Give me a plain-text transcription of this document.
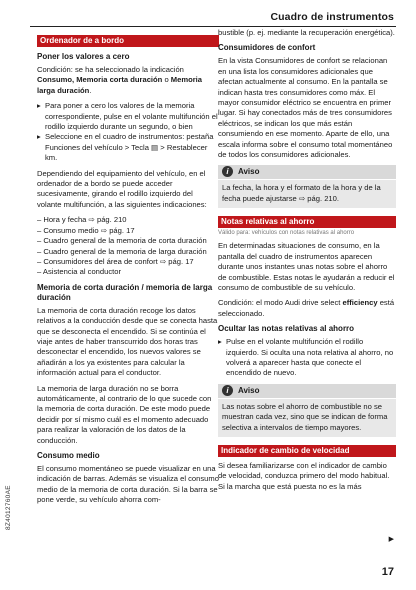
Cuadro de instrumentos
Ordenador de a bordo
Poner los valores a cero

Condición: se ha seleccionado la indicación Consumo, Memoria corta duración o Memoria larga duración.

▸ Para poner a cero los valores de la memoria correspondiente, pulse en el volante multifunción el rodillo izquierdo durante un segundo, o bien
▸ Seleccione en el cuadro de instrumentos: pestaña Funciones del vehículo > Tecla ▤ > Restablecer km.

Dependiendo del equipamiento del vehículo, en el ordenador de a bordo se puede acceder sucesivamente, girando el rodillo izquierdo del volante multifunción, a las siguientes indicaciones:

– Hora y fecha ⇨ pág. 210
– Consumo medio ⇨ pág. 17
– Cuadro general de la memoria de corta duración
– Cuadro general de la memoria de larga duración
– Consumidores del área de confort ⇨ pág. 17
– Asistencia al conductor
Memoria de corta duración / memoria de larga duración

La memoria de corta duración recoge los datos relativos a la conducción desde que se conecta hasta que se desconecta el encendido. Si se continúa el viaje antes de haber transcurrido dos horas tras desconectar el encendido, los nuevos valores se añadirán a los ya existentes para calcular la información actual para el conductor.

La memoria de larga duración no se borra automáticamente, al contrario de lo que sucede con la memoria de corta duración. De este modo puede decidir por sí mismo cuál es el momento adecuado para realizar la valoración de los datos de la conducción.

Consumo medio

El consumo momentáneo se puede visualizar en una indicación de barras. Además se visualiza el consumo medio de la memoria de corta duración. Si la barra se pone verde, su vehículo ahorra com-

bustible (p. ej. mediante la recuperación energética).

Consumidores de confort

En la vista Consumidores de confort se relacionan en una lista los consumidores adicionales que afectan actualmente al consumo. En la pantalla se indican hasta tres consumidores como máx. El mayor consumidor eléctrico se encuentra en primer lugar. Si hay conectados más de tres consumidores eléctricos, se indican los que más están consumiendo en ese momento. Aparte de ello, una escala informa sobre el consumo total momentáneo de todos los consumidores adicionales.

i	Aviso
La fecha, la hora y el formato de la hora y de la fecha puede ajustarse ⇨ pág. 210.
Notas relativas al ahorro
Válido para: vehículos con notas relativas al ahorro

En determinadas situaciones de consumo, en la pantalla del cuadro de instrumentos aparecen durante unos instantes unas notas sobre el ahorro de combustible. Estas notas le ayudarán a reducir el consumo de combustible de su vehículo.

Condición: el modo Audi drive select efficiency está seleccionado.

Ocultar las notas relativas al ahorro
▸ Pulse en el volante multifunción el rodillo izquierdo. Si oculta una nota relativa al ahorro, no volverá a aparecer hasta que conecte el encendido de nuevo.
i	Aviso
Las notas sobre el ahorro de combustible no se muestran cada vez, sino que se indican de forma selectiva a intervalos de tiempo mayores.
Indicador de cambio de velocidad

Si desea familiarizarse con el indicador de cambio de velocidad, conduzca primero del modo habitual. Si la marcha que está puesta no es la más

▶
8Z4012760AE
17
